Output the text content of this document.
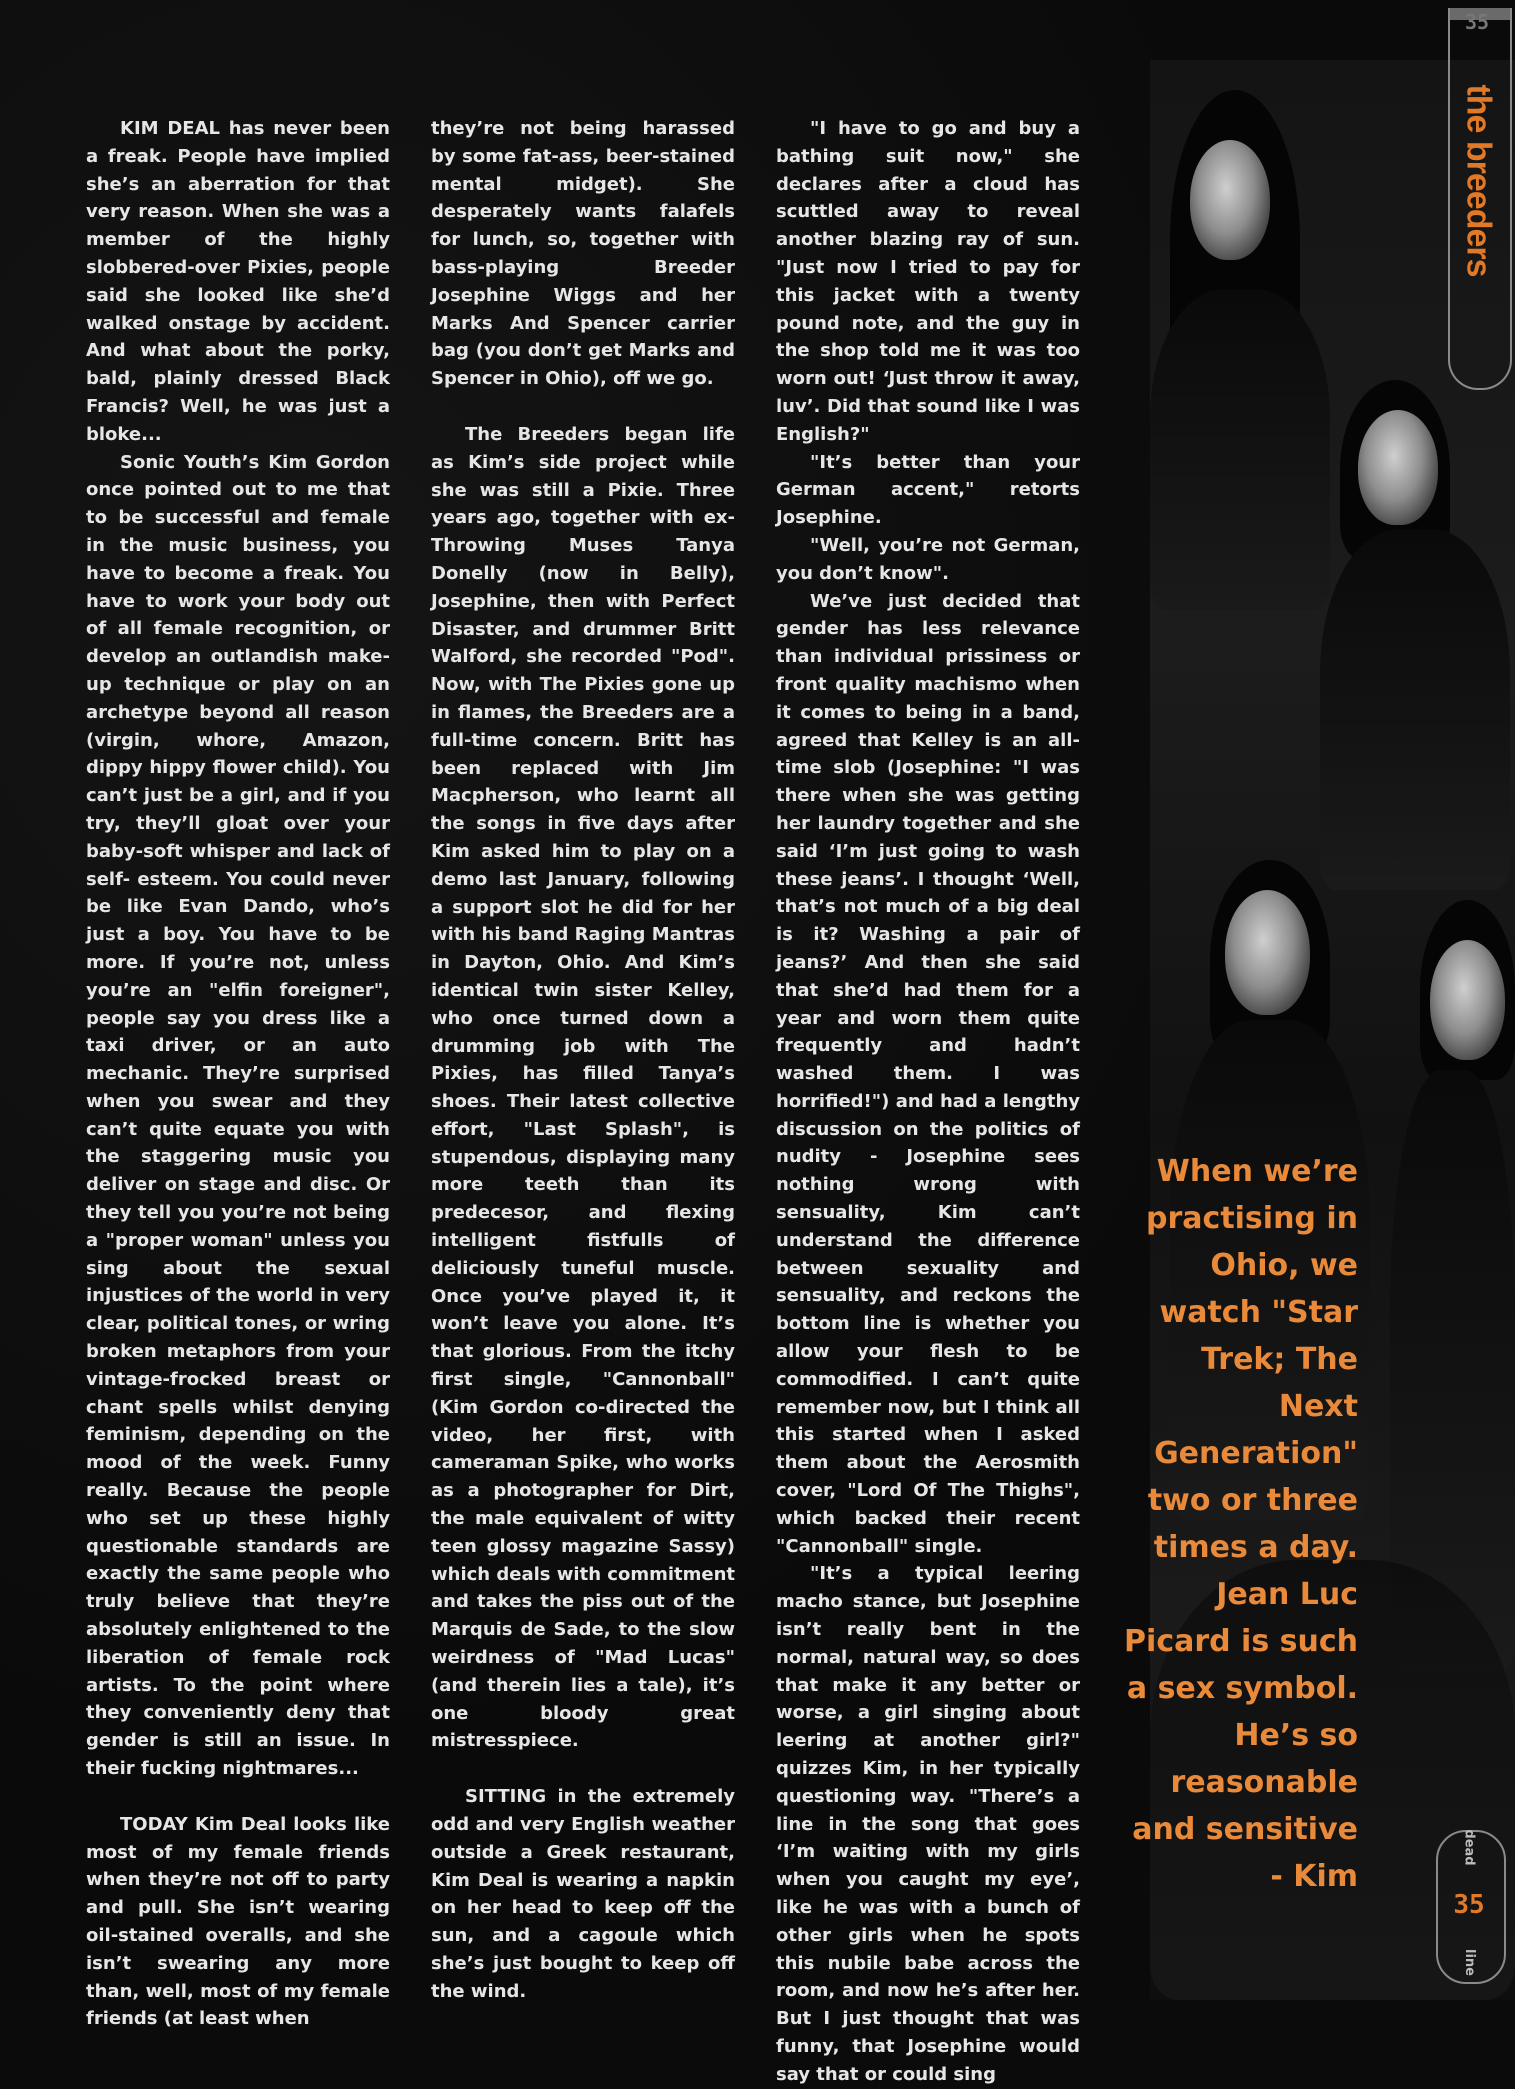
35
the breeders

KIM DEAL has never been a freak. People have implied she’s an aberration for that very reason. When she was a member of the highly slobbered-over Pixies, people said she looked like she’d walked onstage by accident. And what about the porky, bald, plainly dressed Black Francis? Well, he was just a bloke...

Sonic Youth’s Kim Gordon once pointed out to me that to be successful and female in the music business, you have to become a freak. You have to work your body out of all female recognition, or develop an outlandish make-up technique or play on an archetype beyond all reason (virgin, whore, Amazon, dippy hippy flower child). You can’t just be a girl, and if you try, they’ll gloat over your baby-soft whisper and lack of self- esteem. You could never be like Evan Dando, who’s just a boy. You have to be more. If you’re not, unless you’re an "elfin foreigner", people say you dress like a taxi driver, or an auto mechanic. They’re surprised when you swear and they can’t quite equate you with the staggering music you deliver on stage and disc. Or they tell you you’re not being a "proper woman" unless you sing about the sexual injustices of the world in very clear, political tones, or wring broken metaphors from your vintage-frocked breast or chant spells whilst denying feminism, depending on the mood of the week. Funny really. Because the people who set up these highly questionable standards are exactly the same people who truly believe that they’re absolutely enlightened to the liberation of female rock artists. To the point where they conveniently deny that gender is still an issue. In their fucking nightmares...

TODAY Kim Deal looks like most of my female friends when they’re not off to party and pull. She isn’t wearing oil-stained overalls, and she isn’t swearing any more than, well, most of my female friends (at least when

they’re not being harassed by some fat-ass, beer-stained mental midget). She desperately wants falafels for lunch, so, together with bass-playing Breeder Josephine Wiggs and her Marks And Spencer carrier bag (you don’t get Marks and Spencer in Ohio), off we go.

The Breeders began life as Kim’s side project while she was still a Pixie. Three years ago, together with ex-Throwing Muses Tanya Donelly (now in Belly), Josephine, then with Perfect Disaster, and drummer Britt Walford, she recorded "Pod". Now, with The Pixies gone up in flames, the Breeders are a full-time concern. Britt has been replaced with Jim Macpherson, who learnt all the songs in five days after Kim asked him to play on a demo last January, following a support slot he did for her with his band Raging Mantras in Dayton, Ohio. And Kim’s identical twin sister Kelley, who once turned down a drumming job with The Pixies, has filled Tanya’s shoes. Their latest collective effort, "Last Splash", is stupendous, displaying many more teeth than its predecesor, and flexing intelligent fistfulls of deliciously tuneful muscle. Once you’ve played it, it won’t leave you alone. It’s that glorious. From the itchy first single, "Cannonball" (Kim Gordon co-directed the video, her first, with cameraman Spike, who works as a photographer for Dirt, the male equivalent of witty teen glossy magazine Sassy) which deals with commitment and takes the piss out of the Marquis de Sade, to the slow weirdness of "Mad Lucas" (and therein lies a tale), it’s one bloody great mistresspiece.

SITTING in the extremely odd and very English weather outside a Greek restaurant, Kim Deal is wearing a napkin on her head to keep off the sun, and a cagoule which she’s just bought to keep off the wind.

"I have to go and buy a bathing suit now," she declares after a cloud has scuttled away to reveal another blazing ray of sun. "Just now I tried to pay for this jacket with a twenty pound note, and the guy in the shop told me it was too worn out! ‘Just throw it away, luv’. Did that sound like I was English?"

"It’s better than your German accent," retorts Josephine.

"Well, you’re not German, you don’t know".

We’ve just decided that gender has less relevance than individual prissiness or front quality machismo when it comes to being in a band, agreed that Kelley is an all-time slob (Josephine: "I was there when she was getting her laundry together and she said ‘I’m just going to wash these jeans’. I thought ‘Well, that’s not much of a big deal is it? Washing a pair of jeans?’ And then she said that she’d had them for a year and worn them quite frequently and hadn’t washed them. I was horrified!") and had a lengthy discussion on the politics of nudity - Josephine sees nothing wrong with sensuality, Kim can’t understand the difference between sexuality and sensuality, and reckons the bottom line is whether you allow your flesh to be commodified. I can’t quite remember now, but I think all this started when I asked them about the Aerosmith cover, "Lord Of The Thighs", which backed their recent "Cannonball" single.

"It’s a typical leering macho stance, but Josephine isn’t really bent in the normal, natural way, so does that make it any better or worse, a girl singing about leering at another girl?" quizzes Kim, in her typically questioning way. "There’s a line in the song that goes ‘I’m waiting with my girls when you caught my eye’, like he was with a bunch of other girls when he spots this nubile babe across the room, and now he’s after her. But I just thought that was funny, that Josephine would say that or could sing

When we’re practising in Ohio, we watch "Star Trek; The Next Generation" two or three times a day. Jean Luc Picard is such a sex symbol. He’s so reasonable and sensitive - Kim
dead
35
line
